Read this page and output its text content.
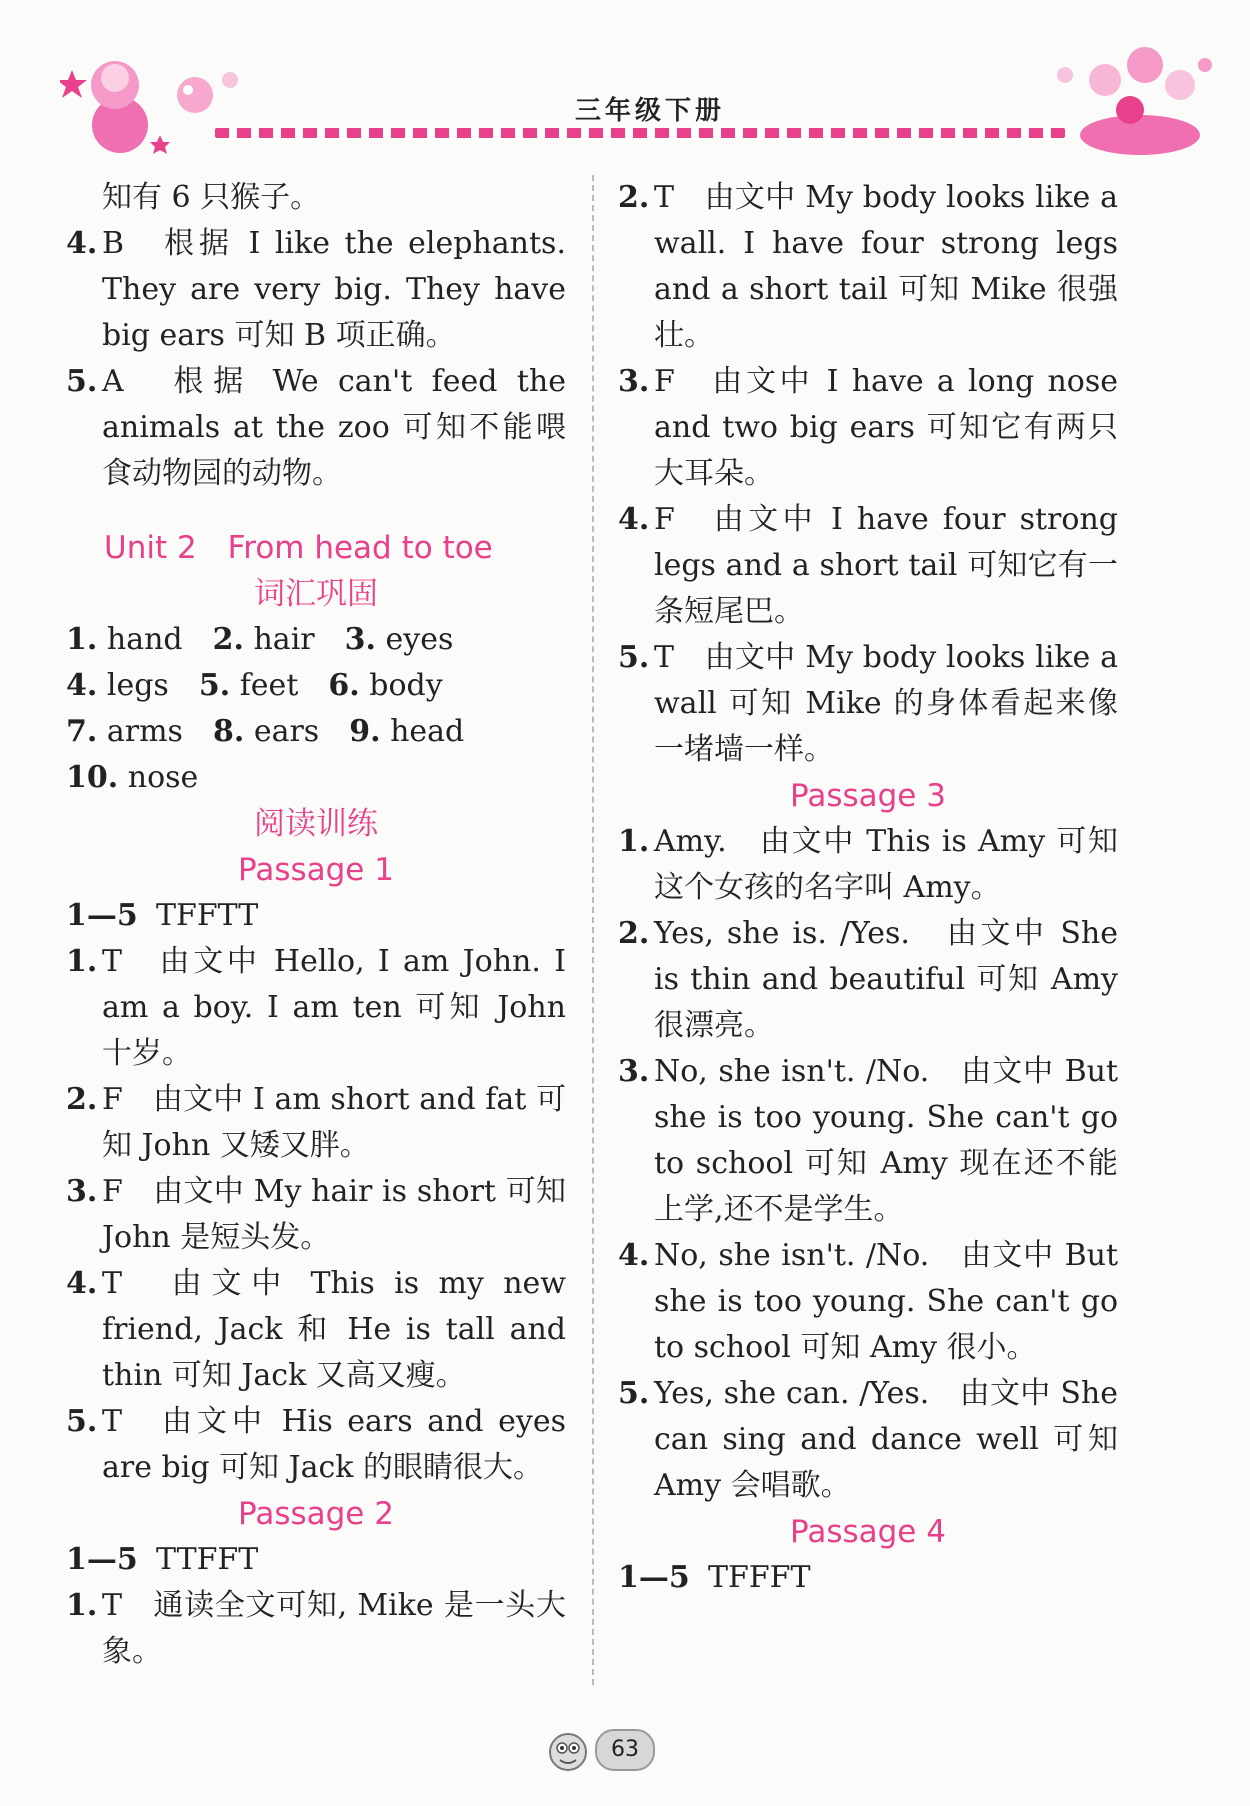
三年级下册

知有 6 只猴子。

4. B　根据 I like the elephants. They are very big. They have big ears 可知 B 项正确。
5. A　根据 We can't feed the animals at the zoo 可知不能喂食动物园的动物。

Unit 2　From head to toe

词汇巩固

1. hand 2. hair 3. eyes
4. legs 5. feet 6. body
7. arms 8. ears 9. head
10. nose

阅读训练

Passage 1

1—5 TFFTT
1. T　由文中 Hello, I am John. I am a boy. I am ten 可知 John 十岁。
2. F　由文中 I am short and fat 可知 John 又矮又胖。
3. F　由文中 My hair is short 可知 John 是短头发。
4. T　由文中 This is my new friend, Jack 和 He is tall and thin 可知 Jack 又高又瘦。
5. T　由文中 His ears and eyes are big 可知 Jack 的眼睛很大。

Passage 2

1—5 TTFFT
1. T　通读全文可知, Mike 是一头大象。
2. T　由文中 My body looks like a wall. I have four strong legs and a short tail 可知 Mike 很强壮。
3. F　由文中 I have a long nose and two big ears 可知它有两只大耳朵。
4. F　由文中 I have four strong legs and a short tail 可知它有一条短尾巴。
5. T　由文中 My body looks like a wall 可知 Mike 的身体看起来像一堵墙一样。

Passage 3

1. Amy.　由文中 This is Amy 可知这个女孩的名字叫 Amy。
2. Yes, she is. /Yes.　由文中 She is thin and beautiful 可知 Amy 很漂亮。
3. No, she isn't. /No.　由文中 But she is too young. She can't go to school 可知 Amy 现在还不能上学,还不是学生。
4. No, she isn't. /No.　由文中 But she is too young. She can't go to school 可知 Amy 很小。
5. Yes, she can. /Yes.　由文中 She can sing and dance well 可知 Amy 会唱歌。

Passage 4

1—5 TFFFT
63
